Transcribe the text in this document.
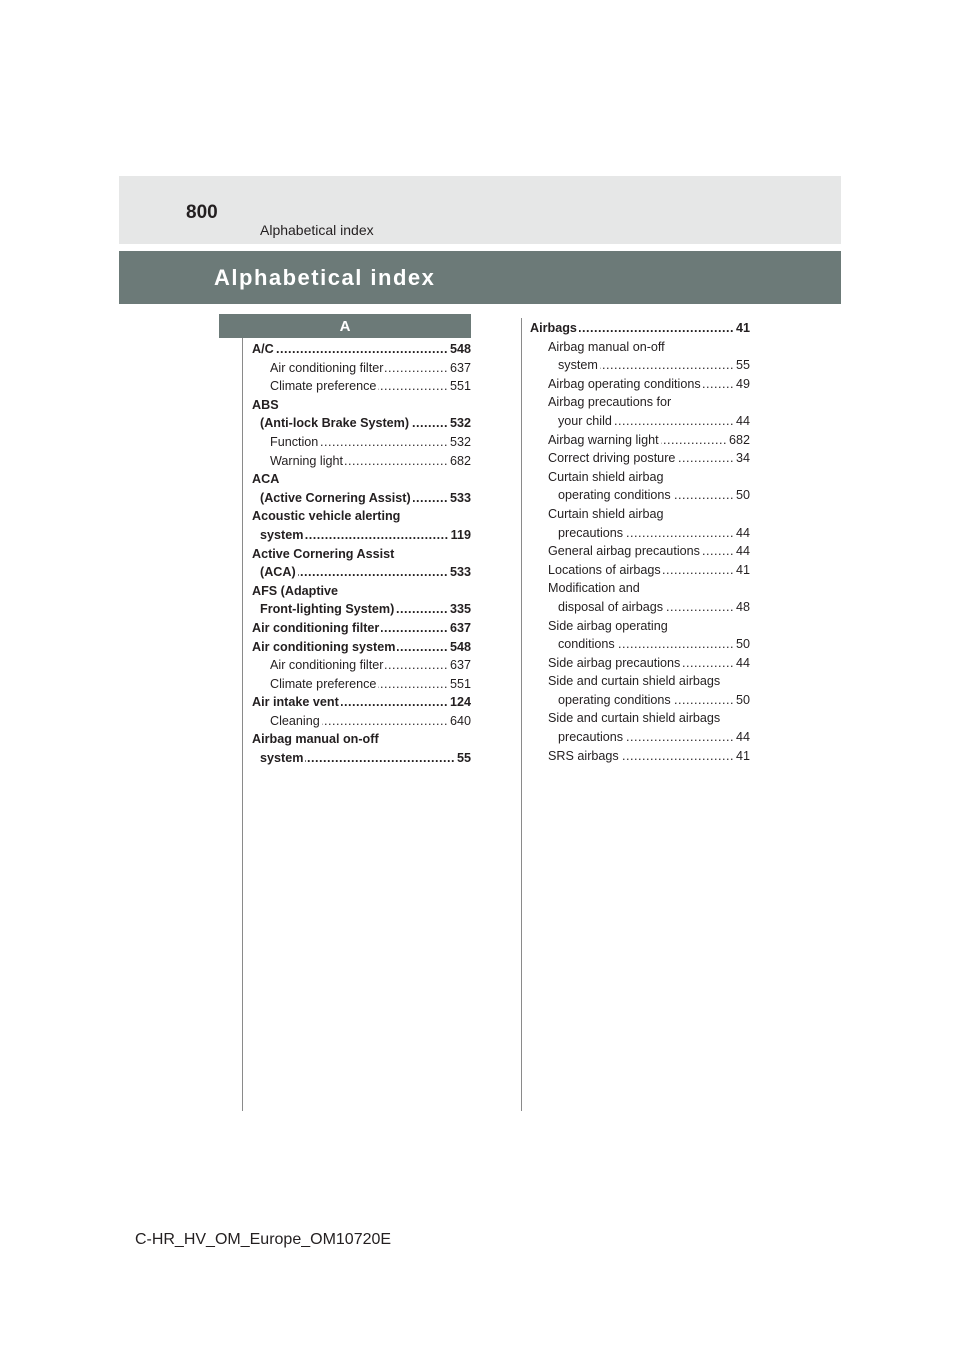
800
Alphabetical index
Alphabetical index
A
A/C	548
.....
Air conditioning filter	637
.....
Climate preference	551
.....
ABS
(Anti-lock Brake System)	532
.....
Function	532
.....
Warning light	682
.....
ACA
(Active Cornering Assist)	533
.....
Acoustic vehicle alerting
system	119
.....
Active Cornering Assist
(ACA)	533
.....
AFS (Adaptive
Front-lighting System)	335
.....
Air conditioning filter	637
.....
Air conditioning system	548
.....
Air conditioning filter	637
.....
Climate preference	551
.....
Air intake vent	124
.....
Cleaning	640
.....
Airbag manual on-off
system	55
.....
Airbags	41
.....
Airbag manual on-off
system	55
.....
Airbag operating conditions	49
.....
Airbag precautions for
your child	44
.....
Airbag warning light	682
.....
Correct driving posture	34
.....
Curtain shield airbag
operating conditions	50
.....
Curtain shield airbag
precautions	44
.....
General airbag precautions	44
.....
Locations of airbags	41
.....
Modification and
disposal of airbags	48
.....
Side airbag operating
conditions	50
.....
Side airbag precautions	44
.....
Side and curtain shield airbags
operating conditions	50
.....
Side and curtain shield airbags
precautions	44
.....
SRS airbags	41
.....
C-HR_HV_OM_Europe_OM10720E
